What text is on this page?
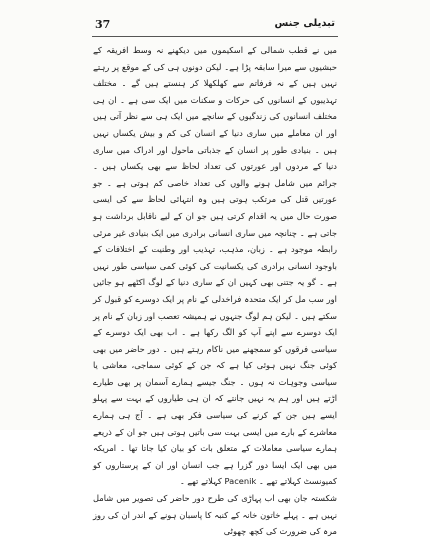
37	تبدیلی جنس

میں نے قطب شمالی کے اسکیموں میں دیکھنے نہ وسط افریقہ کے حبشیوں سے میرا سابقہ پڑا ہے۔ لیکن دونوں ہی کی کے موقع پر رہتے نہیں ہیں کے نہ فرفاتم سے کھلکھلا کر ہنستے ہیں گے ۔ مختلف تہذیبوں کے انسانوں کی حرکات و سکنات میں ایک سی ہے ۔ ان ہی مختلف انسانوں کی زندگیوں کے سانچے میں ایک ہی سے نظر آتی ہیں اور ان معاملے میں ساری دنیا کے انسان کی کم و بیش یکساں نہیں ہیں ۔ بنیادی طور پر انسان کے جذباتی ماحول اور ادراک میں ساری دنیا کے مردوں اور عورتوں کی تعداد لحاظ سے بھی یکساں ہیں ۔ جرائم میں شامل ہونے والوں کی تعداد خاصی کم ہوتی ہے ۔ جو عورتیں قتل کی مرتکب ہوتی ہیں وہ انتہائی لحاظ سے کی ایسی صورت حال میں یہ اقدام کرتی ہیں جو ان کے لیے ناقابل برداشت ہو جاتی ہے ۔ چنانچہ میں ساری انسانی برادری میں ایک بنیادی غیر مرئی رابطہ موجود ہے ۔ زبان، مذہب، تہذیب اور وطنیت کے اختلافات کے باوجود انسانی برادری کی یکسانیت کی کوئی کمی سیاسی طور نہیں ہے ۔ گو یہ جتنی بھی کہیں ان کے ساری دنیا کے لوگ اکٹھے ہو جائیں اور سب مل کر ایک متحدہ فراخدلی کے نام پر ایک دوسرے کو قبول کر سکتے ہیں ۔ لیکن ہم لوگ جنہوں نے ہمیشہ تعصب اور زبان کے نام پر ایک دوسرے سے اپنے آپ کو الگ رکھا ہے ۔ اب بھی ایک دوسرے کے سیاسی فرقوں کو سمجھنے میں ناکام رہتے ہیں ۔ دور حاضر میں بھی کوئی جنگ نہیں ہوئی کیا ہے کہ جن کے کوئی سماجی، معاشی یا سیاسی وجوہات نہ ہوں ۔ جنگ جیسے ہمارے آسمان پر بھی طیارے اڑتے ہیں اور ہم یہ نہیں جانتے کہ ان ہی طیاروں کے بہت سے پہلو ایسے ہیں جن کے کرنے کی سیاسی فکر بھی ہے ۔ آج ہی ہمارے معاشرے کے بارے میں ایسی بہت سی باتیں ہوتی ہیں جو ان کے ذریعے ہمارے سیاسی معاملات کے متعلق بات کو بیان کیا جاتا تھا ۔ امریکہ میں بھی ایک ایسا دور گزرا ہے جب انسان اور ان کے پرستاروں کو کمیونسٹ کہلاتے تھے ۔ Pacenik کہلاتے تھے ۔

شکستہ جان بھی اب پہاڑی کی طرح دور حاضر کی تصویر میں شامل نہیں ہے ۔ پہلے خاتون خانہ کے کنبہ کا پاسبان ہونے کے اندر ان کی روز مرہ کی ضرورت کی کچھ چھوٹی
